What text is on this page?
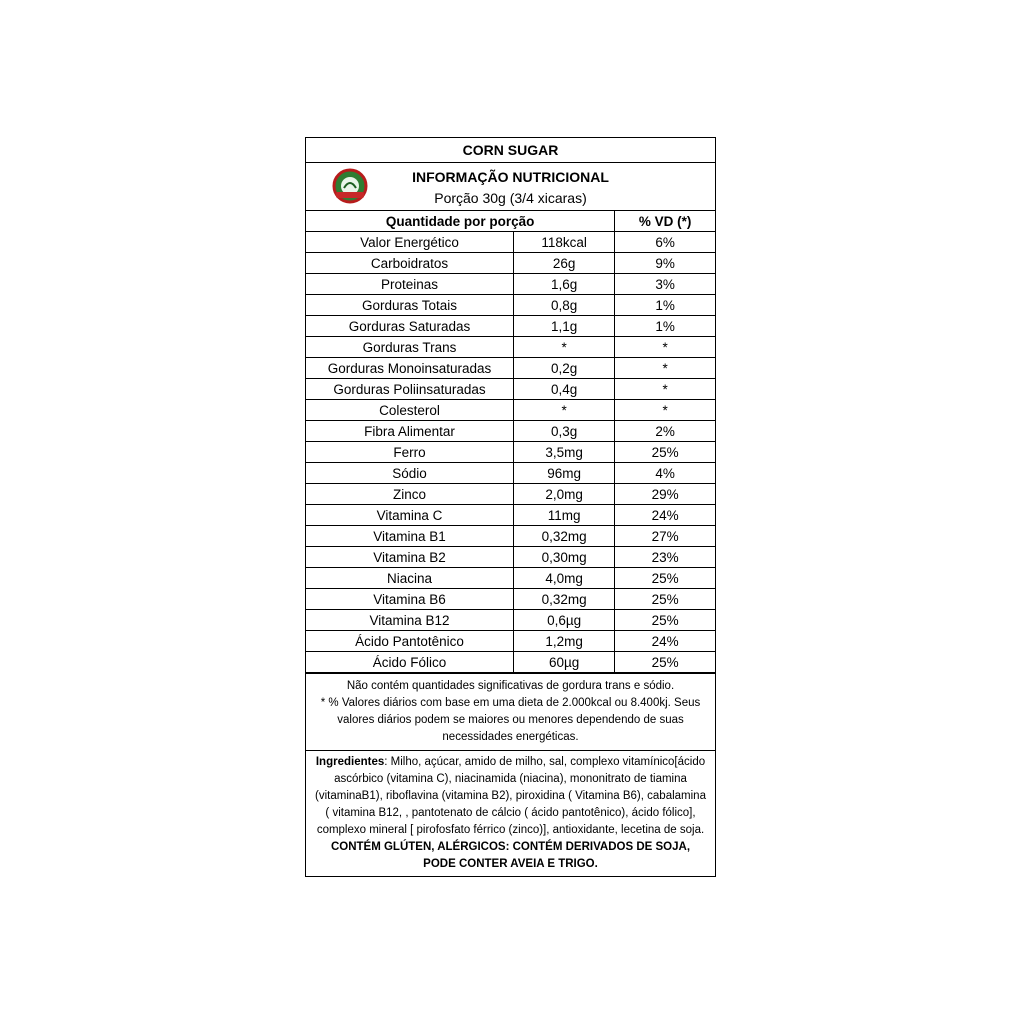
CORN SUGAR
INFORMAÇÃO NUTRICIONAL
Porção 30g (3/4 xicaras)
Quantidade por porção		% VD (*)
Valor Energético	118kcal	6%
Carboidratos	26g	9%
Proteinas	1,6g	3%
Gorduras Totais	0,8g	1%
Gorduras Saturadas	1,1g	1%
Gorduras Trans	*	*
Gorduras Monoinsaturadas	0,2g	*
Gorduras Poliinsaturadas	0,4g	*
Colesterol	*	*
Fibra Alimentar	0,3g	2%
Ferro	3,5mg	25%
Sódio	96mg	4%
Zinco	2,0mg	29%
Vitamina C	11mg	24%
Vitamina B1	0,32mg	27%
Vitamina B2	0,30mg	23%
Niacina	4,0mg	25%
Vitamina B6	0,32mg	25%
Vitamina B12	0,6µg	25%
Ácido Pantotênico	1,2mg	24%
Ácido Fólico	60µg	25%
Não contém quantidades significativas de gordura trans e sódio.
* % Valores diários com base em uma dieta de 2.000kcal ou 8.400kj. Seus valores diários podem se maiores ou menores dependendo de suas necessidades energéticas.
Ingredientes: Milho, açúcar, amido de milho, sal, complexo vitamínico[ácido ascórbico (vitamina C), niacinamida (niacina), mononitrato de tiamina (vitaminaB1), riboflavina (vitamina B2), piroxidina ( Vitamina B6), cabalamina ( vitamina B12, , pantotenato de cálcio ( ácido pantotênico), ácido fólico], complexo mineral [ pirofosfato férrico (zinco)], antioxidante, lecetina de soja.
CONTÉM GLÚTEN, ALÉRGICOS: CONTÉM DERIVADOS DE SOJA, PODE CONTER AVEIA E TRIGO.
